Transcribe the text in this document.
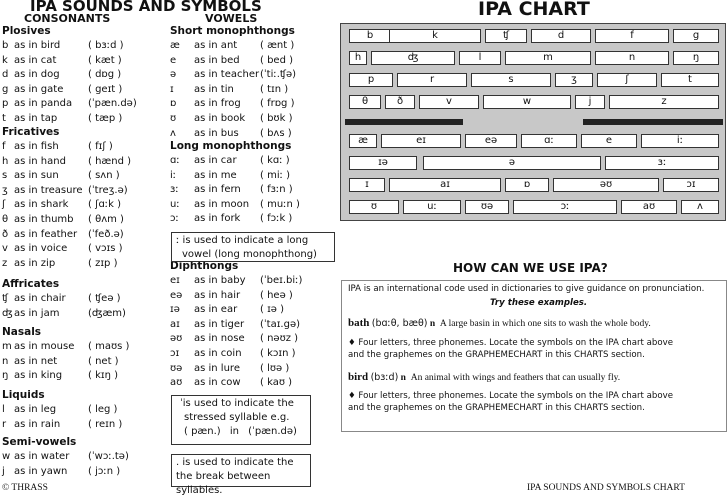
IPA SOUNDS AND SYMBOLS
CONSONANTS	VOWELS	IPA CHART
Plosives
b as in bird	( bɜːd )
k as in cat	( kæt )
d as in dog	( dɒg )
g as in gate ( geɪt )
p as in panda (ˈpæn.də)
t as in tap	( tæp )
Fricatives
f as in fish	( fɪʃ )
h as in hand ( hænd )
s as in sun	( sʌn )
ʒ as in treasure (ˈtreʒ.ə)
ʃ as in shark ( ʃɑːk )
θ as in thumb ( θʌm )
ð as in feather (ˈfeð.ə)
v as in voice ( vɔɪs )
z as in zip	( zɪp )
Affricates
ʧ as in chair ( ʧeə )
ʤ as in jam	(ʤæm)
Nasals
m as in mouse ( maʊs )
n as in net	( net )
ŋ as in king	( kɪŋ )
Liquids
l as in leg	( leg )
r as in rain	( reɪn )
Semi-vowels
w as in water (ˈwɔː.tə)
j as in yawn ( jɔːn )
Short monophthongs
æ	as in ant ( ænt )
e	as in bed ( bed )
ə	as in teacher (ˈtiː.ʧə)
ɪ	as in tin	( tɪn )
ɒ	as in frog ( frɒg )
ʊ	as in book ( bʊk )
ʌ	as in bus ( bʌs )
Long monophthongs
ɑː	as in car ( kɑː )
iː	as in me ( miː )
ɜː	as in fern ( fɜːn )
uː	as in moon ( muːn )
ɔː	as in fork ( fɔːk )
Diphthongs
eɪ	as in baby (ˈbeɪ.biː)
eə as in hair ( heə )
ɪə	as in ear ( ɪə )
aɪ	as in tiger (ˈtaɪ.gə)
əʊ as in nose ( nəʊz )
ɔɪ	as in coin ( kɔɪn )
ʊə as in lure ( lʊə )
aʊ as in cow ( kaʊ )
ː is used to indicate a long
vowel (long monophthong)
ˈis used to indicate the
stressed syllable e.g.
( pæn.) in (ˈpæn.də)
. is used to indicate the
the break between syllables.
b	k	ʧ	d	f	g
h	ʤ	l	m	n	ŋ
p	r	s	ʒ	ʃ	t
θ	ð	v	w	j	z
æ	eɪ	eə	ɑː	e	iː
ɪə	ə	ɜː
ɪ	aɪ	ɒ	əʊ	ɔɪ
ʊ	uː	ʊə	ɔː	aʊ	ʌ
HOW CAN WE USE IPA?

IPA is an international code used in dictionaries to give guidance on pronunciation.

Try these examples.

bath (bɑːθ, bæθ) n A large basin in which one sits to wash the whole body.

♦ Four letters, three phonemes. Locate the symbols on the IPA chart above

and the graphemes on the GRAPHEMECHART in this CHARTS section.

bird (bɜːd) n An animal with wings and feathers that can usually fly.

♦ Four letters, three phonemes. Locate the symbols on the IPA chart above

and the graphemes on the GRAPHEMECHART in this CHARTS section.

© THRASS	IPA SOUNDS AND SYMBOLS CHART
